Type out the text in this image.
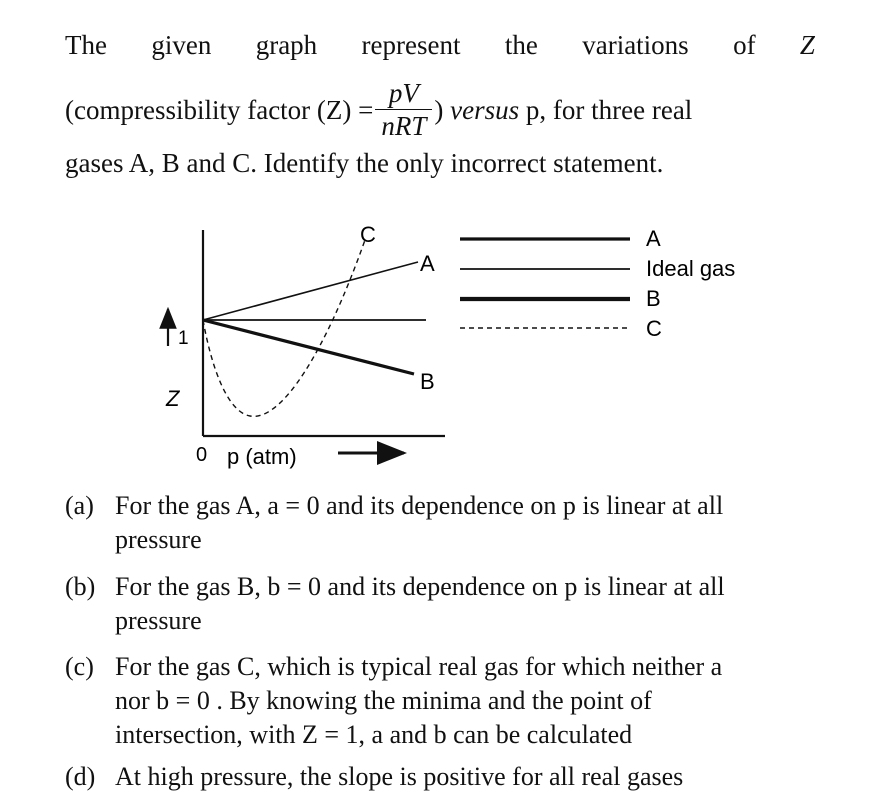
The given graph represent the variations of Z
(compressibility factor $(Z) = \frac{pV}{\text{nRT}}$ )
versus
p, for three real
gases A, B and C. Identify the only incorrect statement.
C
A
B
1
Z
0 p (atm)
A
Ideal gas
B
C
(a) For the gas A, a = 0 and its dependence on p is linear at all
pressure
(b) For the gas B, b = 0 and its dependence on p is linear at all
pressure
(c) For the gas C, which is typical real gas for which neither a
nor b = 0 . By knowing the minima and the point of
intersection, with Z = 1, a and b can be calculated
(d) At high pressure, the slope is positive for all real gases
